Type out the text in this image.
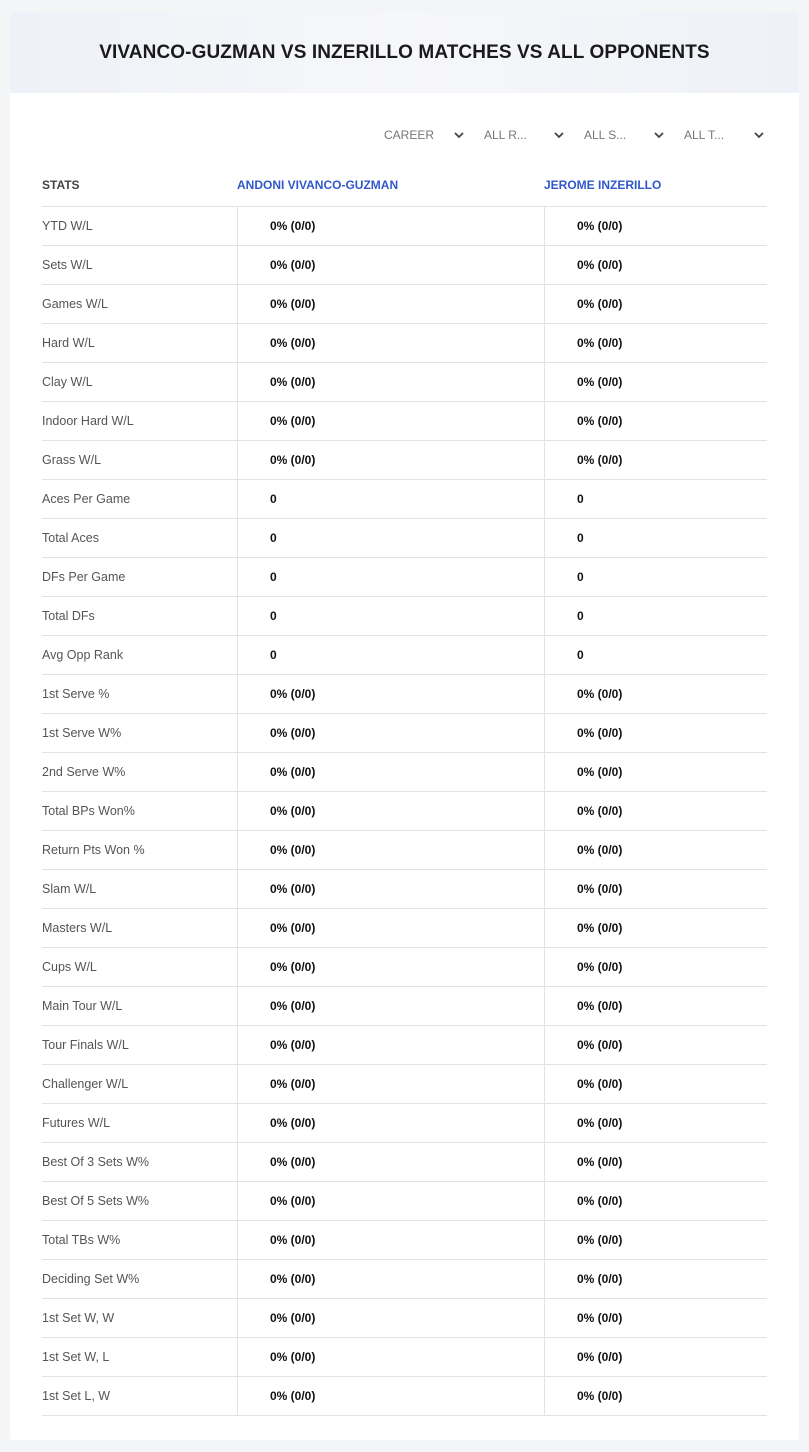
VIVANCO-GUZMAN VS INZERILLO MATCHES VS ALL OPPONENTS
CAREER	ALL R...	ALL S...	ALL T...
STATS	ANDONI VIVANCO-GUZMAN	JEROME INZERILLO
YTD W/L	0% (0/0)	0% (0/0)
Sets W/L	0% (0/0)	0% (0/0)
Games W/L	0% (0/0)	0% (0/0)
Hard W/L	0% (0/0)	0% (0/0)
Clay W/L	0% (0/0)	0% (0/0)
Indoor Hard W/L	0% (0/0)	0% (0/0)
Grass W/L	0% (0/0)	0% (0/0)
Aces Per Game	0	0
Total Aces	0	0
DFs Per Game	0	0
Total DFs	0	0
Avg Opp Rank	0	0
1st Serve %	0% (0/0)	0% (0/0)
1st Serve W%	0% (0/0)	0% (0/0)
2nd Serve W%	0% (0/0)	0% (0/0)
Total BPs Won%	0% (0/0)	0% (0/0)
Return Pts Won %	0% (0/0)	0% (0/0)
Slam W/L	0% (0/0)	0% (0/0)
Masters W/L	0% (0/0)	0% (0/0)
Cups W/L	0% (0/0)	0% (0/0)
Main Tour W/L	0% (0/0)	0% (0/0)
Tour Finals W/L	0% (0/0)	0% (0/0)
Challenger W/L	0% (0/0)	0% (0/0)
Futures W/L	0% (0/0)	0% (0/0)
Best Of 3 Sets W%	0% (0/0)	0% (0/0)
Best Of 5 Sets W%	0% (0/0)	0% (0/0)
Total TBs W%	0% (0/0)	0% (0/0)
Deciding Set W%	0% (0/0)	0% (0/0)
1st Set W, W	0% (0/0)	0% (0/0)
1st Set W, L	0% (0/0)	0% (0/0)
1st Set L, W	0% (0/0)	0% (0/0)
